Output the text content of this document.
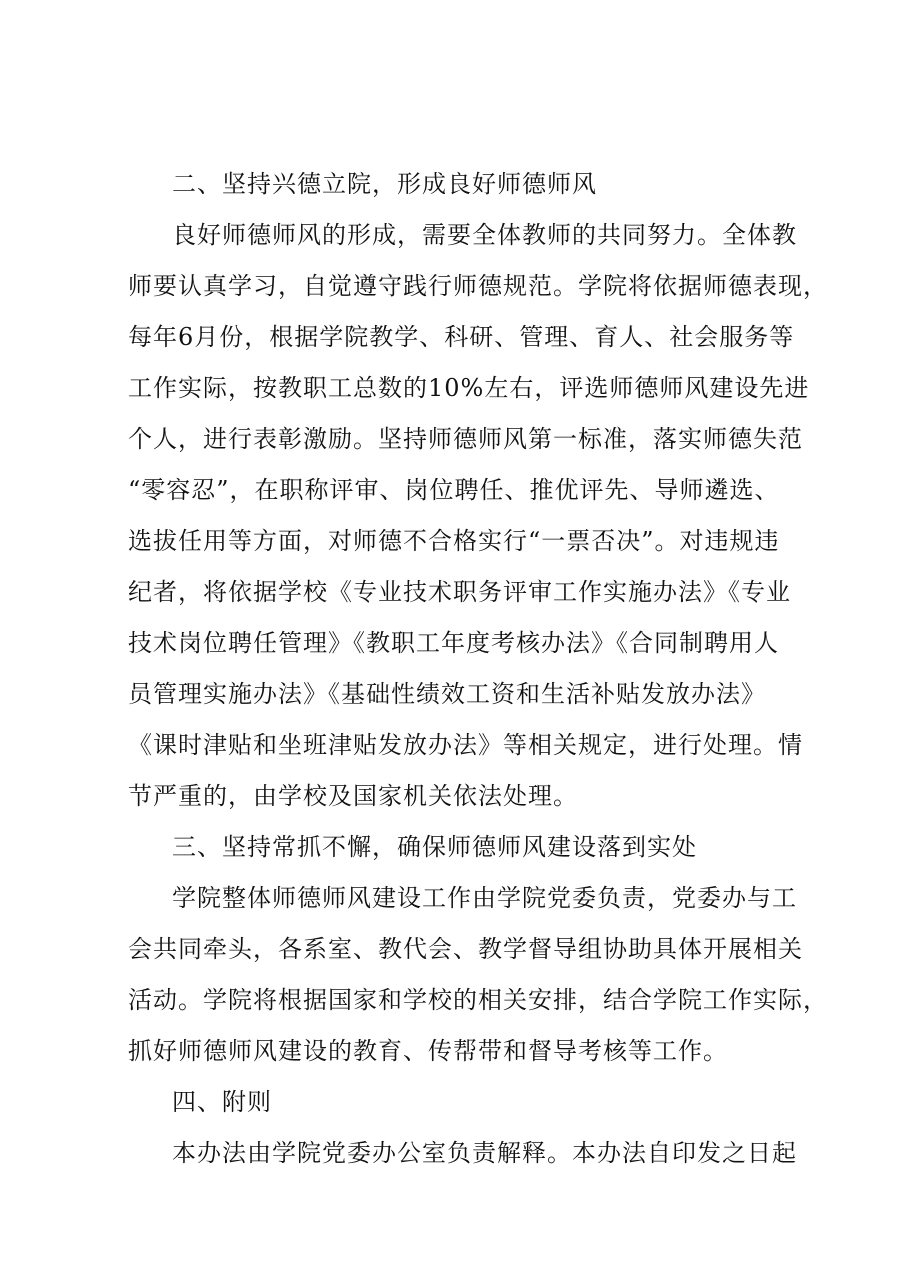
二、坚持兴德立院，形成良好师德师风
良好师德师风的形成，需要全体教师的共同努力。全体教
师要认真学习，自觉遵守践行师德规范。学院将依据师德表现，
每年6月份，根据学院教学、科研、管理、育人、社会服务等
工作实际，按教职工总数的10%左右，评选师德师风建设先进
个人，进行表彰激励。坚持师德师风第一标准，落实师德失范
“零容忍”，在职称评审、岗位聘任、推优评先、导师遴选、
选拔任用等方面，对师德不合格实行“一票否决”。对违规违
纪者，将依据学校《专业技术职务评审工作实施办法》《专业
技术岗位聘任管理》《教职工年度考核办法》《合同制聘用人
员管理实施办法》《基础性绩效工资和生活补贴发放办法》
《课时津贴和坐班津贴发放办法》等相关规定，进行处理。情
节严重的，由学校及国家机关依法处理。
三、坚持常抓不懈，确保师德师风建设落到实处
学院整体师德师风建设工作由学院党委负责，党委办与工
会共同牵头，各系室、教代会、教学督导组协助具体开展相关
活动。学院将根据国家和学校的相关安排，结合学院工作实际，
抓好师德师风建设的教育、传帮带和督导考核等工作。
四、附则
本办法由学院党委办公室负责解释。本办法自印发之日起
